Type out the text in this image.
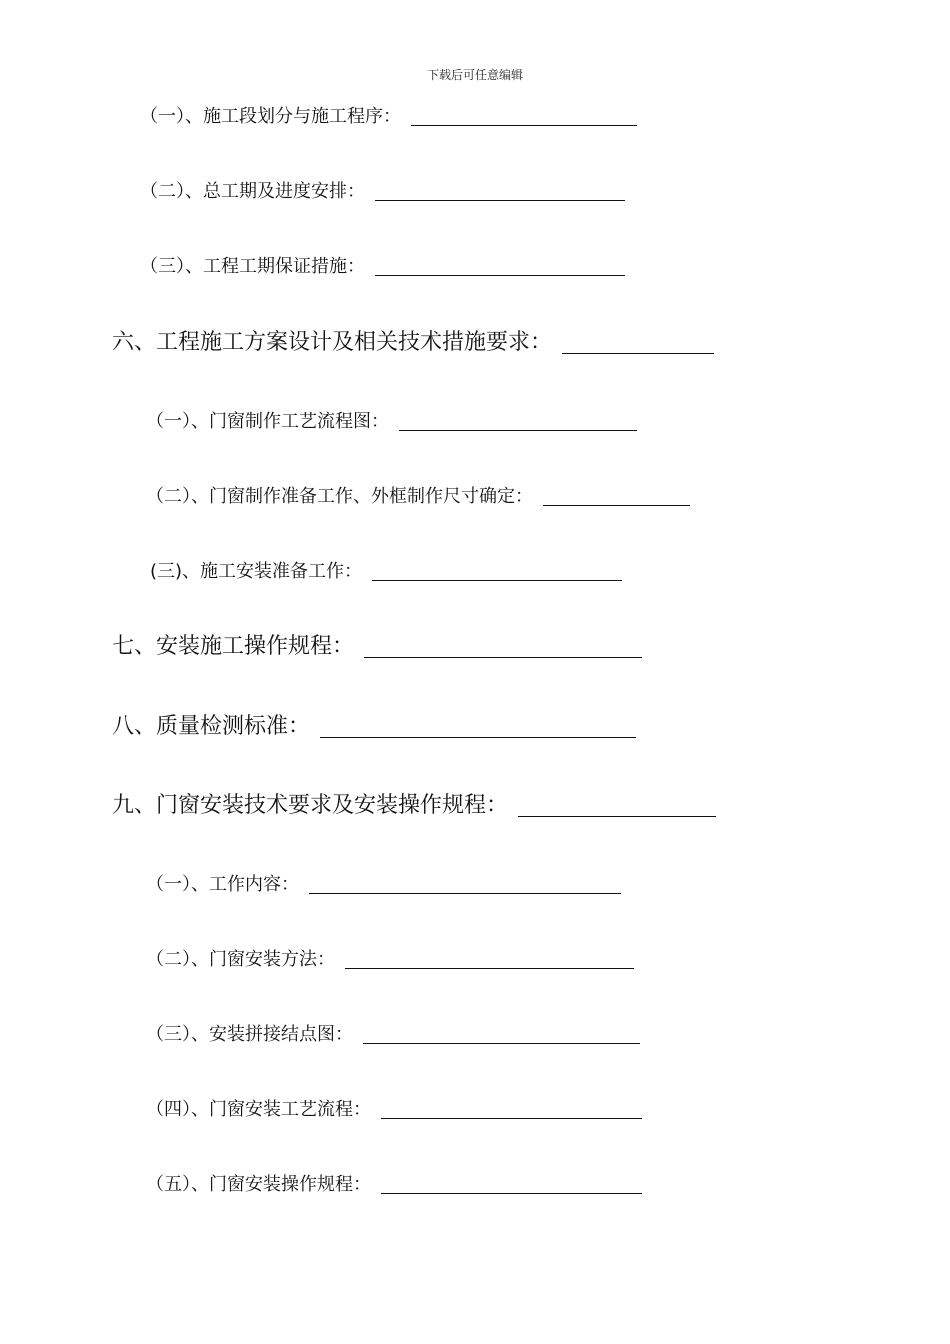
下载后可任意编辑
（一）、施工段划分与施工程序：
（二）、总工期及进度安排：
（三）、工程工期保证措施：
六、工程施工方案设计及相关技术措施要求：
（一）、门窗制作工艺流程图：
（二）、门窗制作准备工作、外框制作尺寸确定：
(三)、施工安装准备工作：
七、安装施工操作规程：
八、质量检测标准：
九、门窗安装技术要求及安装操作规程：
（一）、工作内容：
（二）、门窗安装方法：
（三）、安装拼接结点图：
（四）、门窗安装工艺流程：
（五）、门窗安装操作规程：
